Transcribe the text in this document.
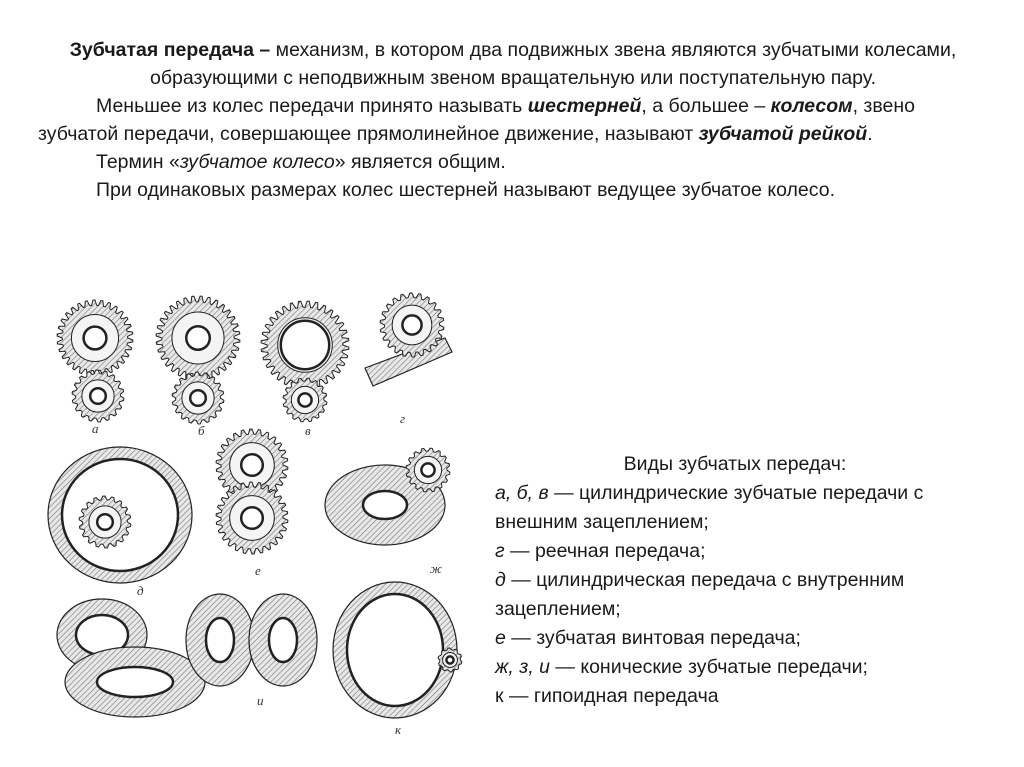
Зубчатая передача – механизм, в котором два подвижных звена являются зубчатыми колесами, образующими с неподвижным звеном вращательную или поступательную пару.
Меньшее из колес передачи принято называть шестерней, а большее – колесом, звено зубчатой передачи, совершающее прямолинейное движение, называют зубчатой рейкой.
Термин «зубчатое колесо» является общим.
При одинаковых размерах колес шестерней называют ведущее зубчатое колесо.
а	б	в
г
д
е	ж
и
к
Виды зубчатых передач:
а, б, в — цилиндрические зубчатые передачи с внешним зацеплением;
г — реечная передача;
д — цилиндрическая передача с внутренним зацеплением;
е — зубчатая винтовая передача;
ж, з, и — конические зубчатые передачи;
к — гипоидная передача
